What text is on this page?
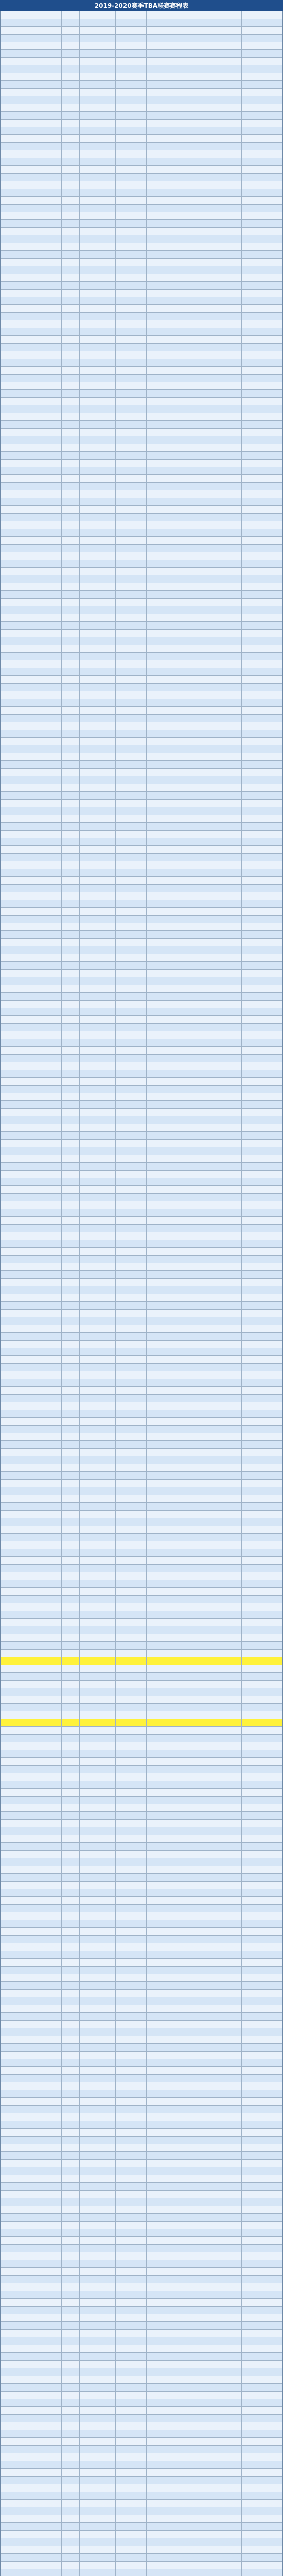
2019-2020赛季TBA联赛赛程表
